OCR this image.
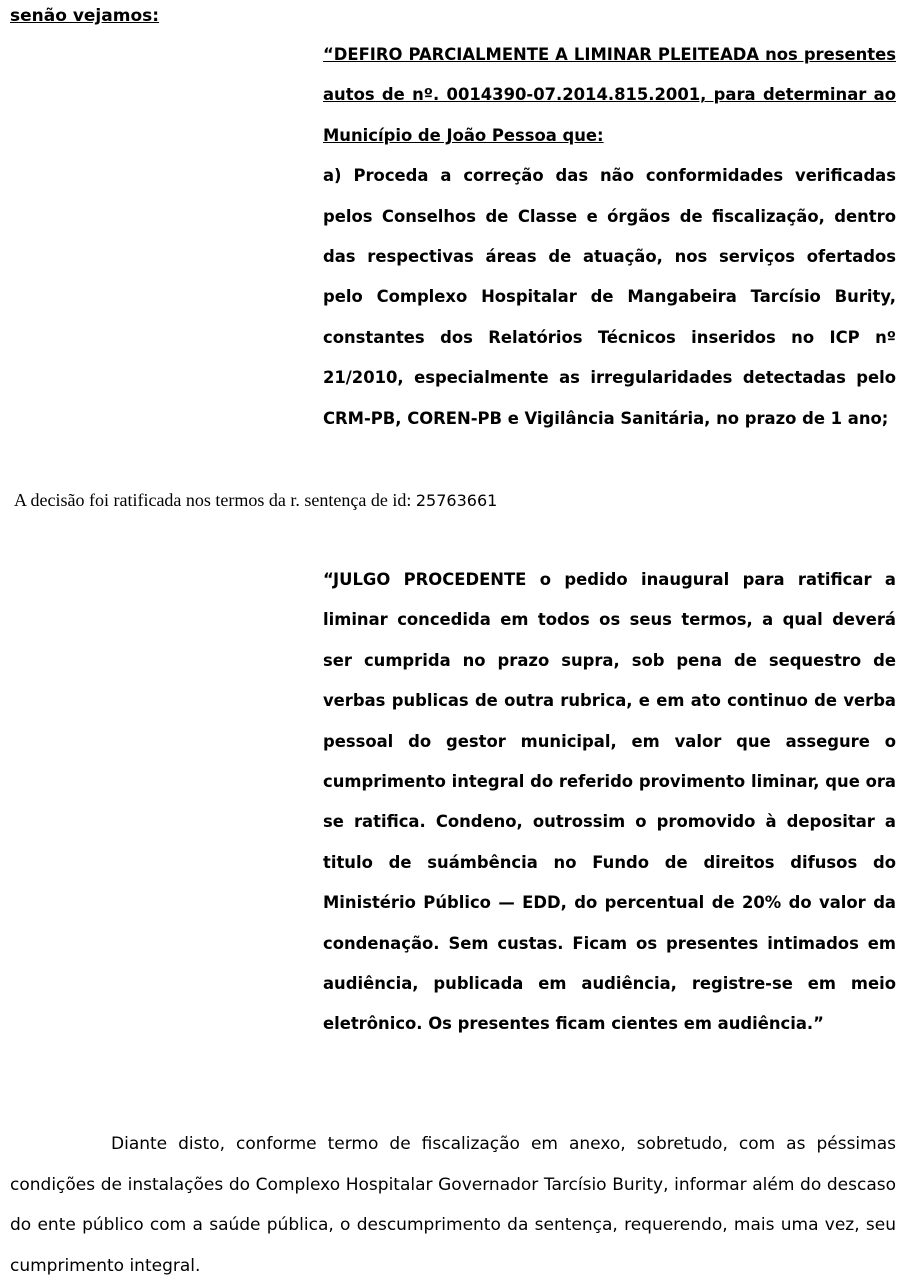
senão vejamos:

“DEFIRO PARCIALMENTE A LIMINAR PLEITEADA nos presentes autos de nº. 0014390-07.2014.815.2001, para determinar ao Município de João Pessoa que:

a) Proceda a correção das não conformidades verificadas pelos Conselhos de Classe e órgãos de fiscalização, dentro das respectivas áreas de atuação, nos serviços ofertados pelo Complexo Hospitalar de Mangabeira Tarcísio Burity, constantes dos Relatórios Técnicos inseridos no ICP nº 21/2010, especialmente as irregularidades detectadas pelo CRM-PB, COREN-PB e Vigilância Sanitária, no prazo de 1 ano;

A decisão foi ratificada nos termos da r. sentença de id: 25763661

“JULGO PROCEDENTE o pedido inaugural para ratificar a liminar concedida em todos os seus termos, a qual deverá ser cumprida no prazo supra, sob pena de sequestro de verbas publicas de outra rubrica, e em ato continuo de verba pessoal do gestor municipal, em valor que assegure o cumprimento integral do referido provimento liminar, que ora se ratifica. Condeno, outrossim o promovido à depositar a titulo de suámbência no Fundo de direitos difusos do Ministério Público — EDD, do percentual de 20% do valor da condenação. Sem custas. Ficam os presentes intimados em audiência, publicada em audiência, registre-se em meio eletrônico. Os presentes ficam cientes em audiência.”

Diante disto, conforme termo de fiscalização em anexo, sobretudo, com as péssimas condições de instalações do Complexo Hospitalar Governador Tarcísio Burity, informar além do descaso do ente público com a saúde pública, o descumprimento da sentença, requerendo, mais uma vez, seu cumprimento integral.
